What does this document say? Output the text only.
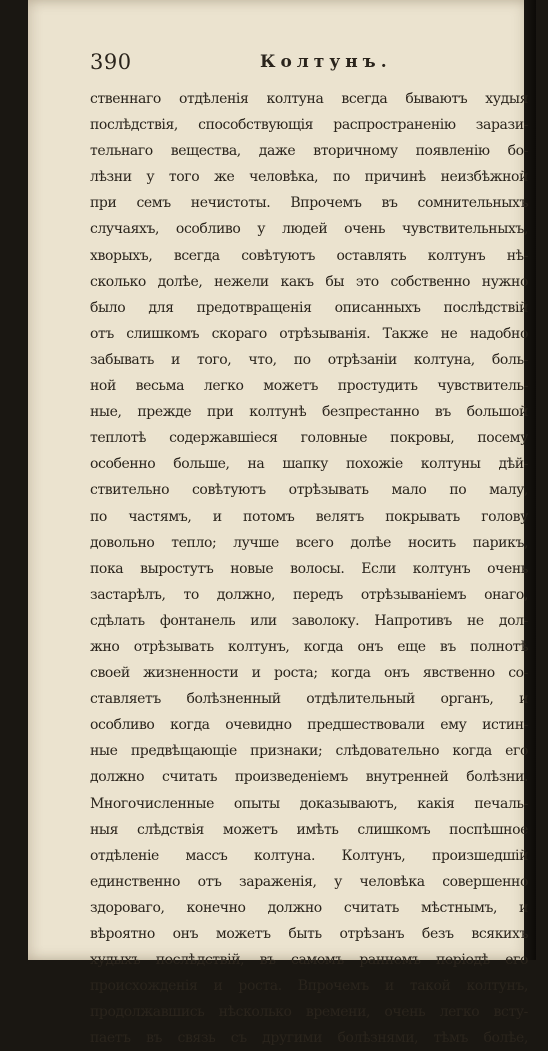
390	Колтунъ.
ственнаго отдѣленія колтуна всегда бываютъ худыя
послѣдствія, способствующія распространенію зарази-
тельнаго вещества, даже вторичному появленію бо-
лѣзни у того же человѣка, по причинѣ неизбѣжной
при семъ нечистоты. Впрочемъ въ сомнительныхъ
случаяхъ, особливо у людей очень чувствительныхъ,
хворыхъ, всегда совѣтуютъ оставлять колтунъ нѣ-
сколько долѣе, нежели какъ бы это собственно нужно
было для предотвращенія описанныхъ послѣдствій
отъ слишкомъ скораго отрѣзыванія. Также не надобно
забывать и того, что, по отрѣзаніи колтуна, боль-
ной весьма легко можетъ простудить чувствитель-
ные, прежде при колтунѣ безпрестанно въ большой
теплотѣ содержавшіеся головные покровы, посему
особенно больше, на шапку похожіе колтуны дѣй-
ствительно совѣтуютъ отрѣзывать мало по малу,
по частямъ, и потомъ велятъ покрывать голову
довольно тепло; лучше всего долѣе носить парикъ,
пока выростутъ новые волосы. Если колтунъ очень
застарѣлъ, то должно, передъ отрѣзываніемъ онаго,
сдѣлать фонтанель или заволоку. Напротивъ не дол-
жно отрѣзывать колтунъ, когда онъ еще въ полнотѣ
своей жизненности и роста; когда онъ явственно со-
ставляетъ болѣзненный отдѣлительный органъ, и
особливо когда очевидно предшествовали ему истин-
ные предвѣщающіе признаки; слѣдовательно когда его
должно считать произведеніемъ внутренней болѣзни.
Многочисленные опыты доказываютъ, какія печаль-
ныя слѣдствія можетъ имѣть слишкомъ поспѣшное
отдѣленіе массъ колтуна. Колтунъ, произшедшій
единственно отъ зараженія, у человѣка совершенно
здороваго, конечно должно считать мѣстнымъ, и
вѣроятно онъ можетъ быть отрѣзанъ безъ всякихъ
худыхъ послѣдствій, въ самомъ раннемъ періодѣ его
происхожденія и роста. Впрочемъ и такой колтунъ,
продолжавшись нѣсколько времени, очень легко всту-
паетъ въ связь съ другими болѣзнями, тѣмъ болѣе,
